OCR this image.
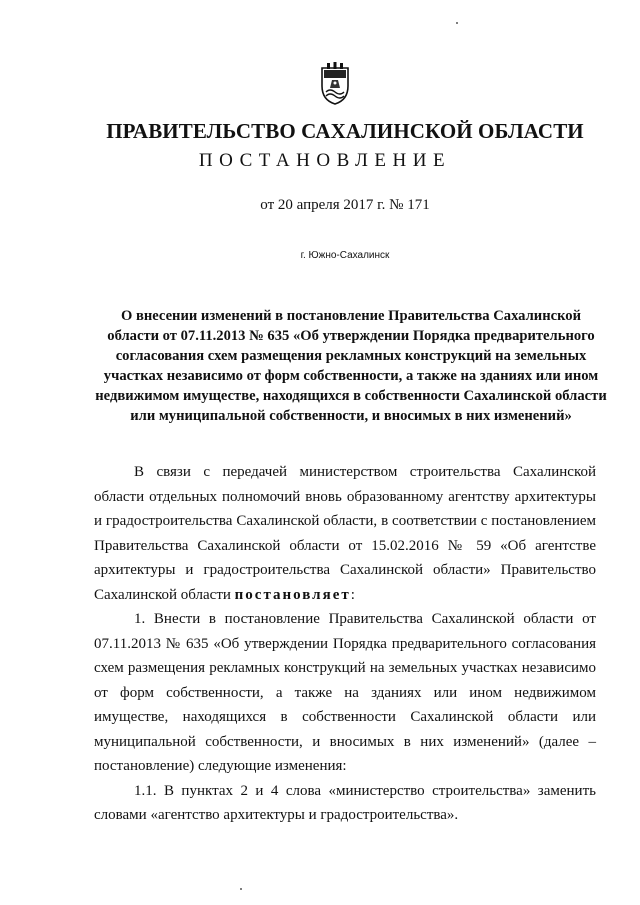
ПРАВИТЕЛЬСТВО САХАЛИНСКОЙ ОБЛАСТИ
ПОСТАНОВЛЕНИЕ
от 20 апреля 2017 г. № 171
г. Южно-Сахалинск
О внесении изменений в постановление Правительства Сахалинской области от 07.11.2013 № 635 «Об утверждении Порядка предварительного согласования схем размещения рекламных конструкций на земельных участках независимо от форм собственности, а также на зданиях или ином недвижимом имуществе, находящихся в собственности Сахалинской области или муниципальной собственности, и вносимых в них изменений»

В связи с передачей министерством строительства Сахалинской области отдельных полномочий вновь образованному агентству архитектуры и градостроительства Сахалинской области, в соответствии с постановлением Правительства Сахалинской области от 15.02.2016 № 59 «Об агентстве архитектуры и градостроительства Сахалинской области» Правительство Сахалинской области постановляет:

1. Внести в постановление Правительства Сахалинской области от 07.11.2013 № 635 «Об утверждении Порядка предварительного согласования схем размещения рекламных конструкций на земельных участках независимо от форм собственности, а также на зданиях или ином недвижимом имуществе, находящихся в собственности Сахалинской области или муниципальной собственности, и вносимых в них изменений» (далее – постановление) следующие изменения:

1.1. В пунктах 2 и 4 слова «министерство строительства» заменить словами «агентство архитектуры и градостроительства».
